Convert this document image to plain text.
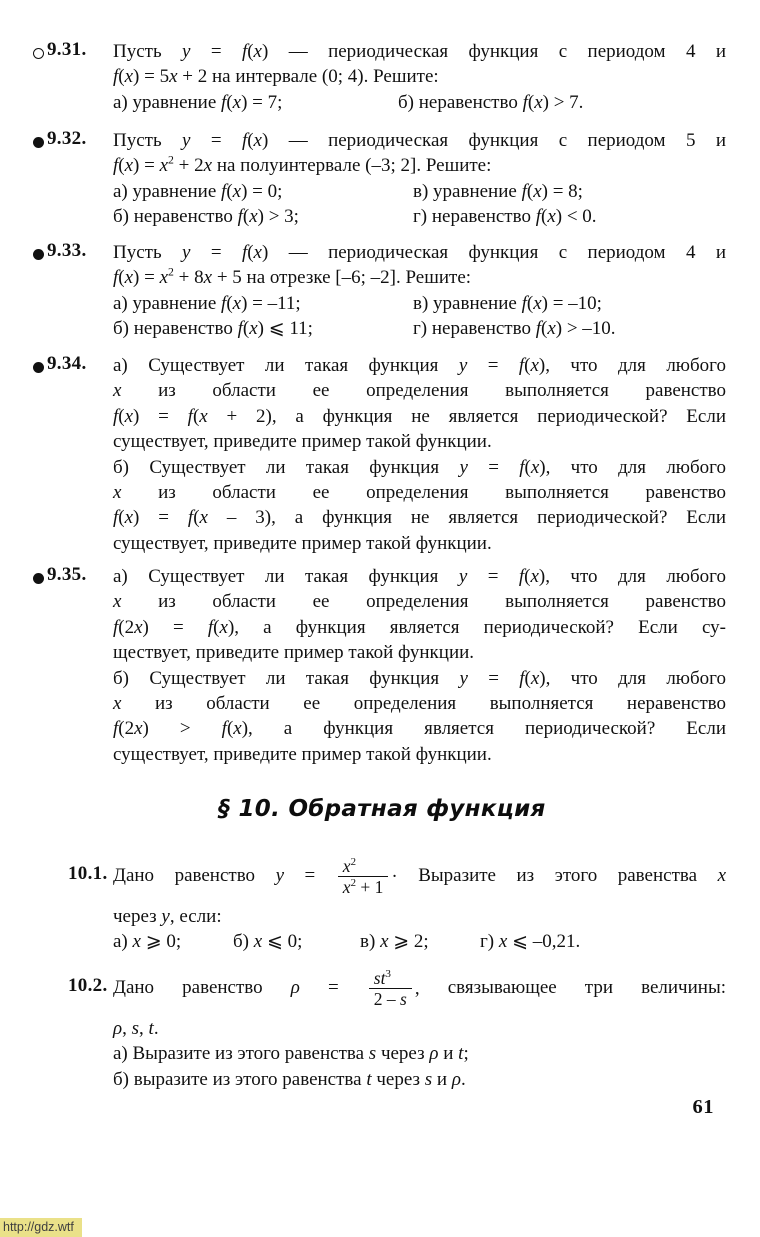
9.31. Пусть y = f(x) — периодическая функция с периодом 4 и
f(x) = 5x + 2 на интервале (0; 4). Решите:
а) уравнение f(x) = 7;	б) неравенство f(x) > 7.
9.32. Пусть y = f(x) — периодическая функция с периодом 5 и
$f(x) = x^2 + 2x$ на полуинтервале (–3; 2]. Решите:
а) уравнение f(x) = 0;	в) уравнение f(x) = 8;
б) неравенство f(x) > 3;	г) неравенство f(x) < 0.
9.33. Пусть y = f(x) — периодическая функция с периодом 4 и
$f(x) = x^2 + 8x + 5$ на отрезке [–6; –2]. Решите:
а) уравнение f(x) = –11;	в) уравнение f(x) = –10;
б) неравенство f(x) ⩽ 11;	г) неравенство f(x) > –10.
9.34. а) Существует ли такая функция y = f(x), что для любого
x из области ее определения выполняется равенство
f(x) = f(x + 2), а функция не является периодической? Если
существует, приведите пример такой функции.
б) Существует ли такая функция y = f(x), что для любого
x из области ее определения выполняется равенство
f(x) = f(x – 3), а функция не является периодической? Если
существует, приведите пример такой функции.
9.35. а) Существует ли такая функция y = f(x), что для любого
x из области ее определения выполняется равенство
f(2x) = f(x), а функция является периодической? Если су-
ществует, приведите пример такой функции.
б) Существует ли такая функция y = f(x), что для любого
x из области ее определения выполняется неравенство
f(2x) > f(x), а функция является периодической? Если
существует, приведите пример такой функции.
10.1. Дано равенство $y = \frac{x^2}{x^2 + 1}$ · Выразите из этого равенства x
через y, если:
а) x ⩾ 0;	б) x ⩽ 0;	в) x ⩾ 2;	г) x ⩽ –0,21.
10.2. Дано равенство $\rho = \frac{st^3}{2 - s}$ , связывающее три величины:
ρ, s, t.
а) Выразите из этого равенства s через ρ и t;
б) выразите из этого равенства t через s и ρ.
§ 10. Обратная функция
61
http://gdz.wtf
